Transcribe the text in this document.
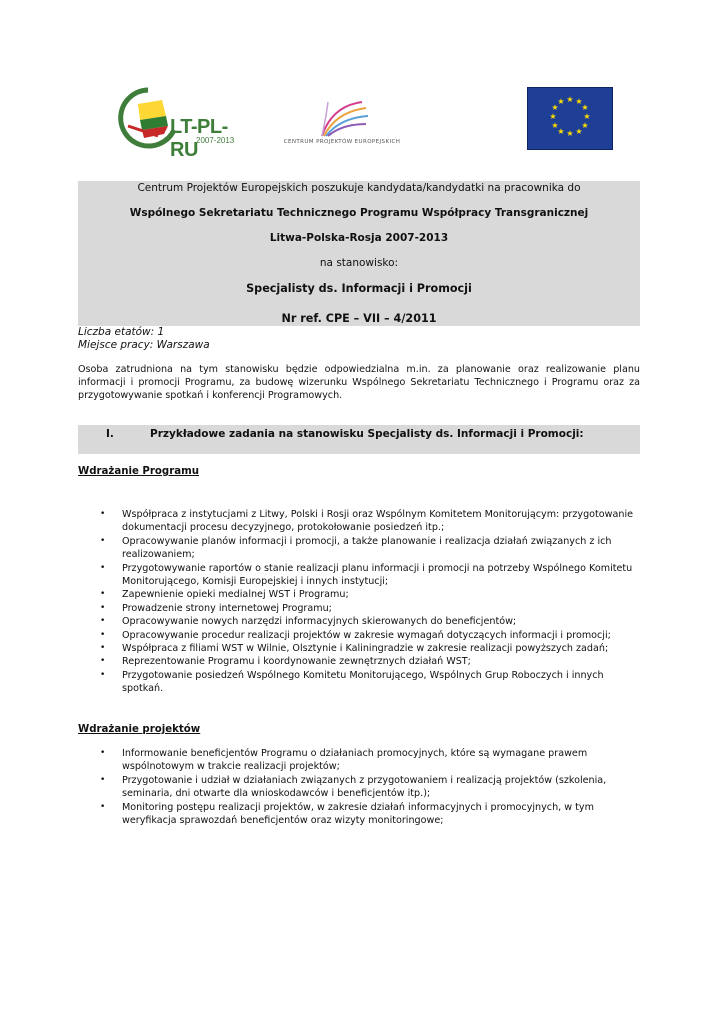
LT-PL-RU
2007-2013	CENTRUM PROJEKTÓW EUROPEJSKICH
★ ★
★
★
★
★
★
★
★
★
★
★
Centrum Projektów Europejskich poszukuje kandydata/kandydatki na pracownika do
Wspólnego Sekretariatu Technicznego Programu Współpracy Transgranicznej
Litwa-Polska-Rosja 2007-2013
na stanowisko:
Specjalisty ds. Informacji i Promocji
Nr ref. CPE – VII – 4/2011
Liczba etatów: 1
Miejsce pracy: Warszawa
Osoba zatrudniona na tym stanowisku będzie odpowiedzialna m.in. za planowanie oraz realizowanie planu informacji i promocji Programu, za budowę wizerunku Wspólnego Sekretariatu Technicznego i Programu oraz za przygotowywanie spotkań i konferencji Programowych.
I.	Przykładowe zadania na stanowisku Specjalisty ds. Informacji i Promocji:
Wdrażanie Programu
• Współpraca z instytucjami z Litwy, Polski i Rosji oraz Wspólnym Komitetem Monitorującym: przygotowanie dokumentacji procesu decyzyjnego, protokołowanie posiedzeń itp.;
• Opracowywanie planów informacji i promocji, a także planowanie i realizacja działań związanych z ich realizowaniem;
• Przygotowywanie raportów o stanie realizacji planu informacji i promocji na potrzeby Wspólnego Komitetu Monitorującego, Komisji Europejskiej i innych instytucji;
• Zapewnienie opieki medialnej WST i Programu;
• Prowadzenie strony internetowej Programu;
• Opracowywanie nowych narzędzi informacyjnych skierowanych do beneficjentów;
• Opracowywanie procedur realizacji projektów w zakresie wymagań dotyczących informacji i promocji;
• Współpraca z filiami WST w Wilnie, Olsztynie i Kaliningradzie w zakresie realizacji powyższych zadań;
• Reprezentowanie Programu i koordynowanie zewnętrznych działań WST;
• Przygotowanie posiedzeń Wspólnego Komitetu Monitorującego, Wspólnych Grup Roboczych i innych spotkań.
Wdrażanie projektów
• Informowanie beneficjentów Programu o działaniach promocyjnych, które są wymagane prawem wspólnotowym w trakcie realizacji projektów;
• Przygotowanie i udział w działaniach związanych z przygotowaniem i realizacją projektów (szkolenia, seminaria, dni otwarte dla wnioskodawców i beneficjentów itp.);
• Monitoring postępu realizacji projektów, w zakresie działań informacyjnych i promocyjnych, w tym weryfikacja sprawozdań beneficjentów oraz wizyty monitoringowe;
